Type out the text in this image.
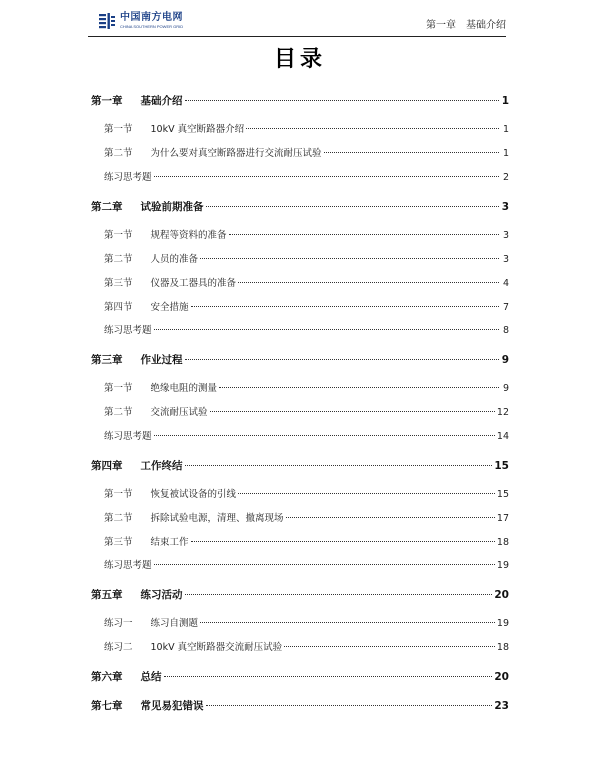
中国南方电网
CHINA SOUTHERN POWER GRID	第一章 基础介绍
目录
第一章 基础介绍	1
第一节 10kV 真空断路器介绍	1
第二节 为什么要对真空断路器进行交流耐压试验	1
练习思考题	2
第二章 试验前期准备	3
第一节 规程等资料的准备	3
第二节 人员的准备	3
第三节 仪器及工器具的准备	4
第四节 安全措施	7
练习思考题	8
第三章 作业过程	9
第一节 绝缘电阻的测量	9
第二节 交流耐压试验	12
练习思考题	14
第四章 工作终结	15
第一节 恢复被试设备的引线	15
第二节 拆除试验电源，清理、撤离现场	17
第三节 结束工作	18
练习思考题	19
第五章 练习活动	20
练习一 练习自测题	19
练习二 10kV 真空断路器交流耐压试验	18
第六章 总结	20
第七章 常见易犯错误	23
